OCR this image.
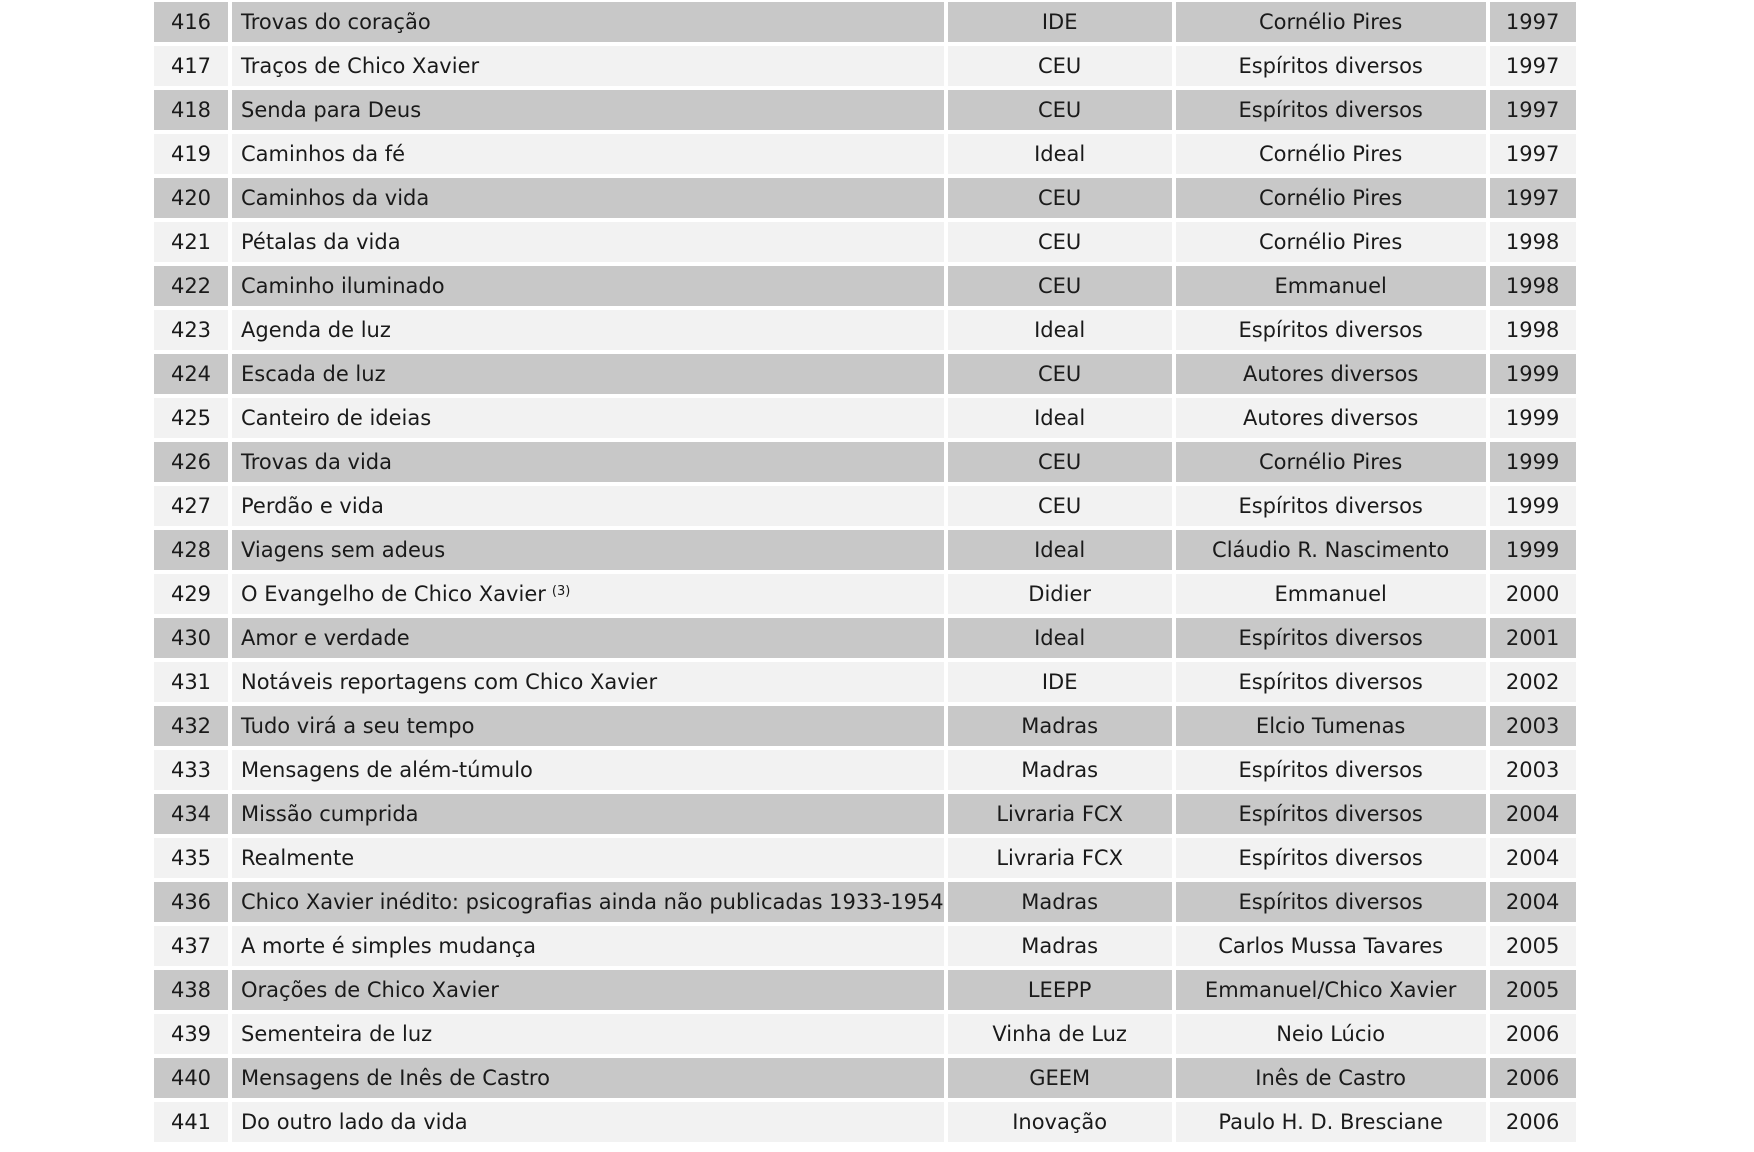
416	Trovas do coração	IDE	Cornélio Pires	1997
417	Traços de Chico Xavier	CEU	Espíritos diversos	1997
418	Senda para Deus	CEU	Espíritos diversos	1997
419	Caminhos da fé	Ideal	Cornélio Pires	1997
420	Caminhos da vida	CEU	Cornélio Pires	1997
421	Pétalas da vida	CEU	Cornélio Pires	1998
422	Caminho iluminado	CEU	Emmanuel	1998
423	Agenda de luz	Ideal	Espíritos diversos	1998
424	Escada de luz	CEU	Autores diversos	1999
425	Canteiro de ideias	Ideal	Autores diversos	1999
426	Trovas da vida	CEU	Cornélio Pires	1999
427	Perdão e vida	CEU	Espíritos diversos	1999
428	Viagens sem adeus	Ideal	Cláudio R. Nascimento	1999
429	O Evangelho de Chico Xavier $^{(3)}$	Didier	Emmanuel	2000
430	Amor e verdade	Ideal	Espíritos diversos	2001
431	Notáveis reportagens com Chico Xavier	IDE	Espíritos diversos	2002
432	Tudo virá a seu tempo	Madras	Elcio Tumenas	2003
433	Mensagens de além-túmulo	Madras	Espíritos diversos	2003
434	Missão cumprida	Livraria FCX	Espíritos diversos	2004
435	Realmente	Livraria FCX	Espíritos diversos	2004
436	Chico Xavier inédito: psicografias ainda não publicadas 1933-1954	Madras	Espíritos diversos	2004
437	A morte é simples mudança	Madras	Carlos Mussa Tavares	2005
438	Orações de Chico Xavier	LEEPP	Emmanuel/Chico Xavier	2005
439	Sementeira de luz	Vinha de Luz	Neio Lúcio	2006
440	Mensagens de Inês de Castro	GEEM	Inês de Castro	2006
441	Do outro lado da vida	Inovação	Paulo H. D. Bresciane	2006
